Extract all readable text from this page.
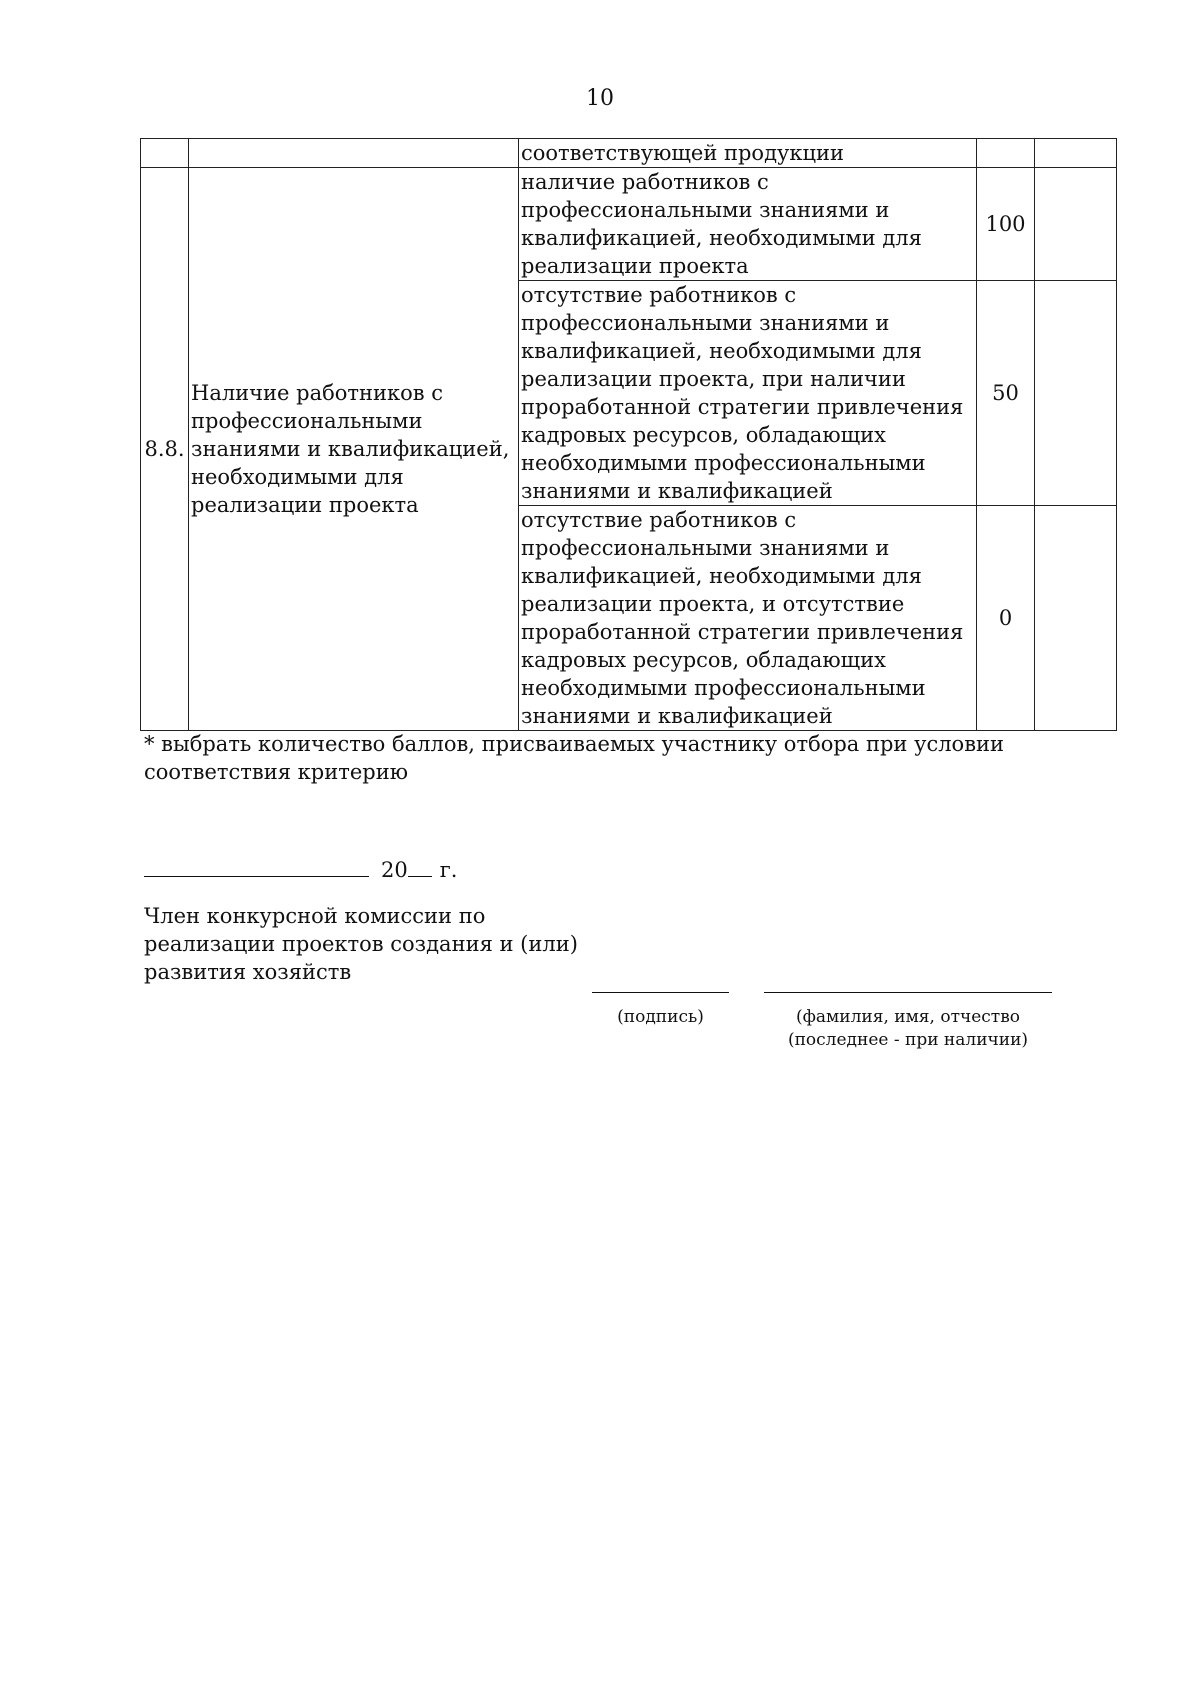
10
		соответствующей продукции		
8.8.	Наличие работников с профессиональными знаниями и квалификацией, необходимыми для реализации проекта	наличие работников с профессиональными знаниями и квалификацией, необходимыми для реализации проекта	100	
		отсутствие работников с профессиональными знаниями и квалификацией, необходимыми для реализации проекта, при наличии проработанной стратегии привлечения кадровых ресурсов, обладающих необходимыми профессиональными знаниями и квалификацией	50	
		отсутствие работников с профессиональными знаниями и квалификацией, необходимыми для реализации проекта, и отсутствие проработанной стратегии привлечения кадровых ресурсов, обладающих необходимыми профессиональными знаниями и квалификацией	0	
* выбрать количество баллов, присваиваемых участнику отбора при условии соответствия критерию
20 г.
Член конкурсной комиссии по реализации проектов создания и (или) развития хозяйств
(подпись)	(фамилия, имя, отчество
(последнее - при наличии)
